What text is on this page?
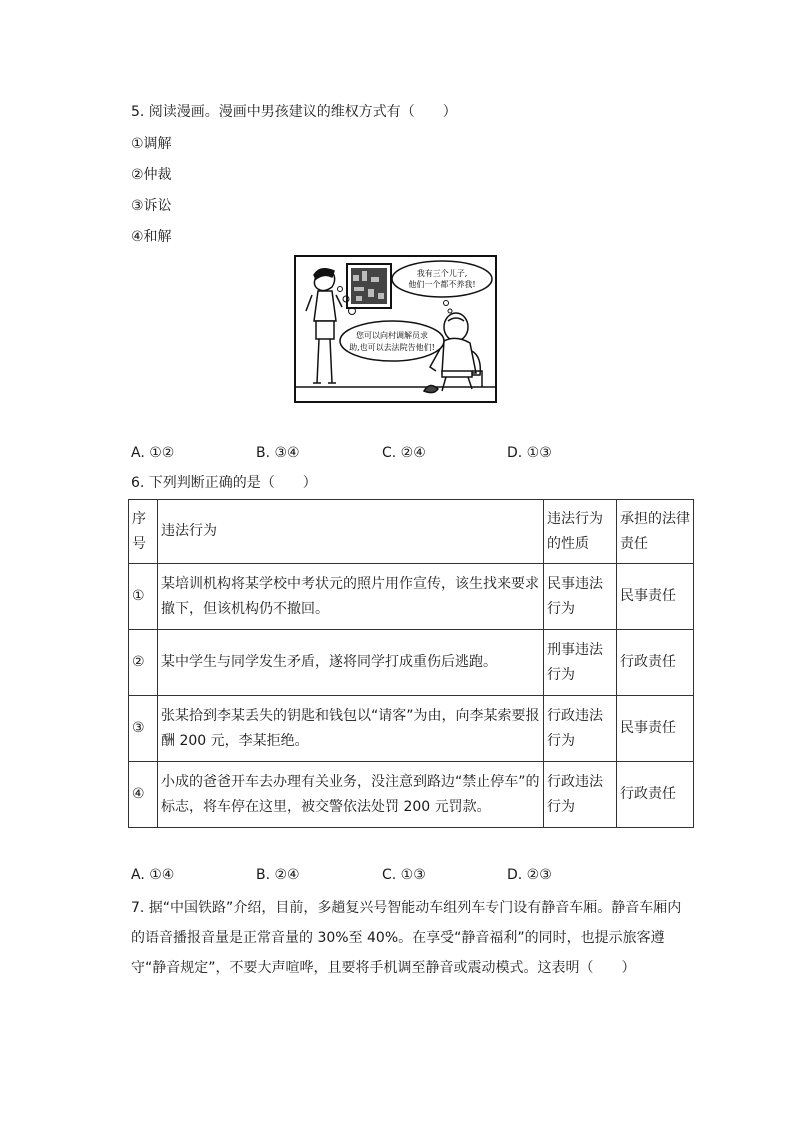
5. 阅读漫画。漫画中男孩建议的维权方式有（　　）
①调解
②仲裁
③诉讼
④和解
您可以向村调解员求
助,也可以去法院告他们!
我有三个儿子,
他们一个都不养我!
A. ①②	B. ③④	C. ②④	D. ①③
6. 下列判断正确的是（　　）
序号	违法行为	违法行为的性质	承担的法律责任
①	某培训机构将某学校中考状元的照片用作宣传，该生找来要求撤下，但该机构仍不撤回。	民事违法行为	民事责任
②	某中学生与同学发生矛盾，遂将同学打成重伤后逃跑。	刑事违法行为	行政责任
③	张某拾到李某丢失的钥匙和钱包以“请客”为由，向李某索要报酬 200 元，李某拒绝。	行政违法行为	民事责任
④	小成的爸爸开车去办理有关业务，没注意到路边“禁止停车”的标志，将车停在这里，被交警依法处罚 200 元罚款。	行政违法行为	行政责任
A. ①④	B. ②④	C. ①③	D. ②③
7. 据“中国铁路”介绍，目前，多趟复兴号智能动车组列车专门设有静音车厢。静音车厢内的语音播报音量是正常音量的 30%至 40%。在享受“静音福利”的同时，也提示旅客遵守“静音规定”，不要大声喧哗，且要将手机调至静音或震动模式。这表明（　　）
